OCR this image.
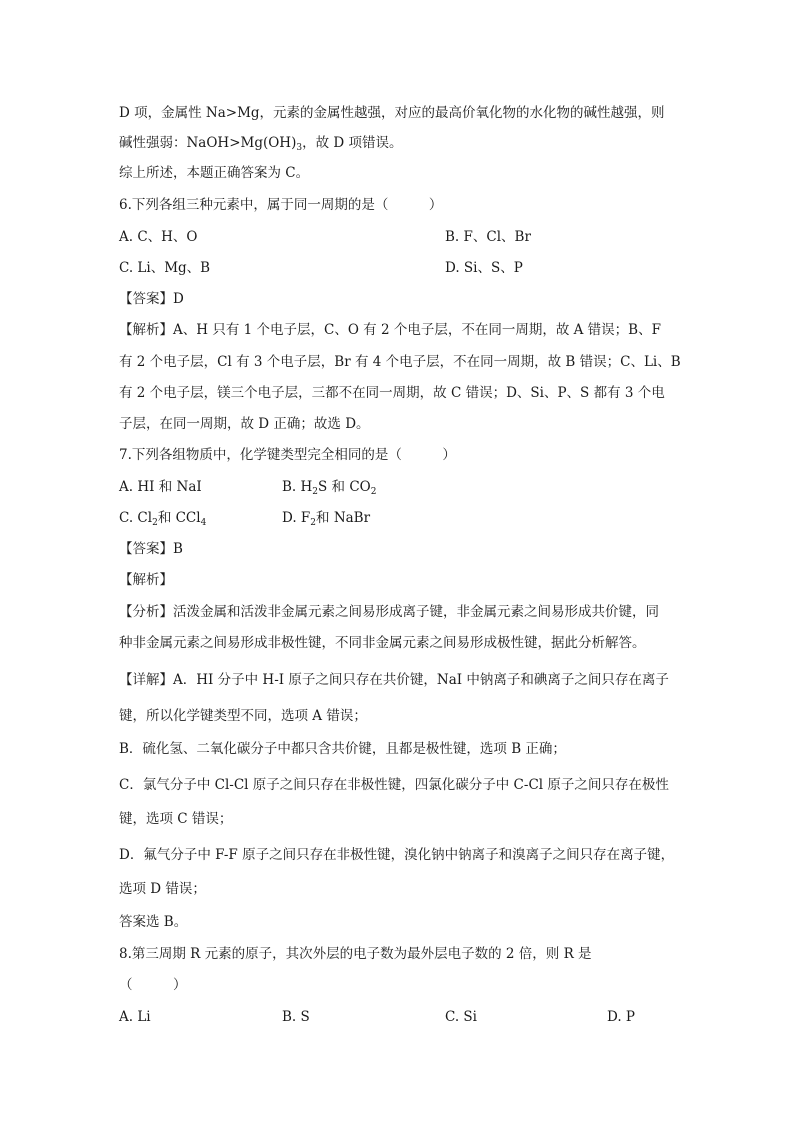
D 项，金属性 Na>Mg，元素的金属性越强，对应的最高价氧化物的水化物的碱性越强，则
碱性强弱：$NaOH>Mg(OH)_3$，故 D 项错误。
综上所述，本题正确答案为 C。
6.下列各组三种元素中，属于同一周期的是（　　　）
A. C、H、O	B. F、Cl、Br
C. Li、Mg、B	D. Si、S、P
【答案】D
【解析】A、H 只有 1 个电子层，C、O 有 2 个电子层，不在同一周期，故 A 错误；B、F
有 2 个电子层，Cl 有 3 个电子层，Br 有 4 个电子层，不在同一周期，故 B 错误；C、Li、B
有 2 个电子层，镁三个电子层，三都不在同一周期，故 C 错误；D、Si、P、S 都有 3 个电
子层，在同一周期，故 D 正确；故选 D。
7.下列各组物质中，化学键类型完全相同的是（　　　）
A. HI 和 NaI	B. $H_2S$ 和 $CO_2$
C. $Cl_2$和 CCl$_4$	D. $F_2$和 NaBr
【答案】B
【解析】
【分析】活泼金属和活泼非金属元素之间易形成离子键，非金属元素之间易形成共价键，同
种非金属元素之间易形成非极性键，不同非金属元素之间易形成极性键，据此分析解答。
【详解】A．HI 分子中 H-I 原子之间只存在共价键，NaI 中钠离子和碘离子之间只存在离子
键，所以化学键类型不同，选项 A 错误；
B．硫化氢、二氧化碳分子中都只含共价键，且都是极性键，选项 B 正确；
C．氯气分子中 Cl-Cl 原子之间只存在非极性键，四氯化碳分子中 C-Cl 原子之间只存在极性
键，选项 C 错误；
D．氟气分子中 F-F 原子之间只存在非极性键，溴化钠中钠离子和溴离子之间只存在离子键，
选项 D 错误；
答案选 B。
8.第三周期 R 元素的原子，其次外层的电子数为最外层电子数的 2 倍，则 R 是
（　　　）
A. Li	B. S	C. Si	D. P
